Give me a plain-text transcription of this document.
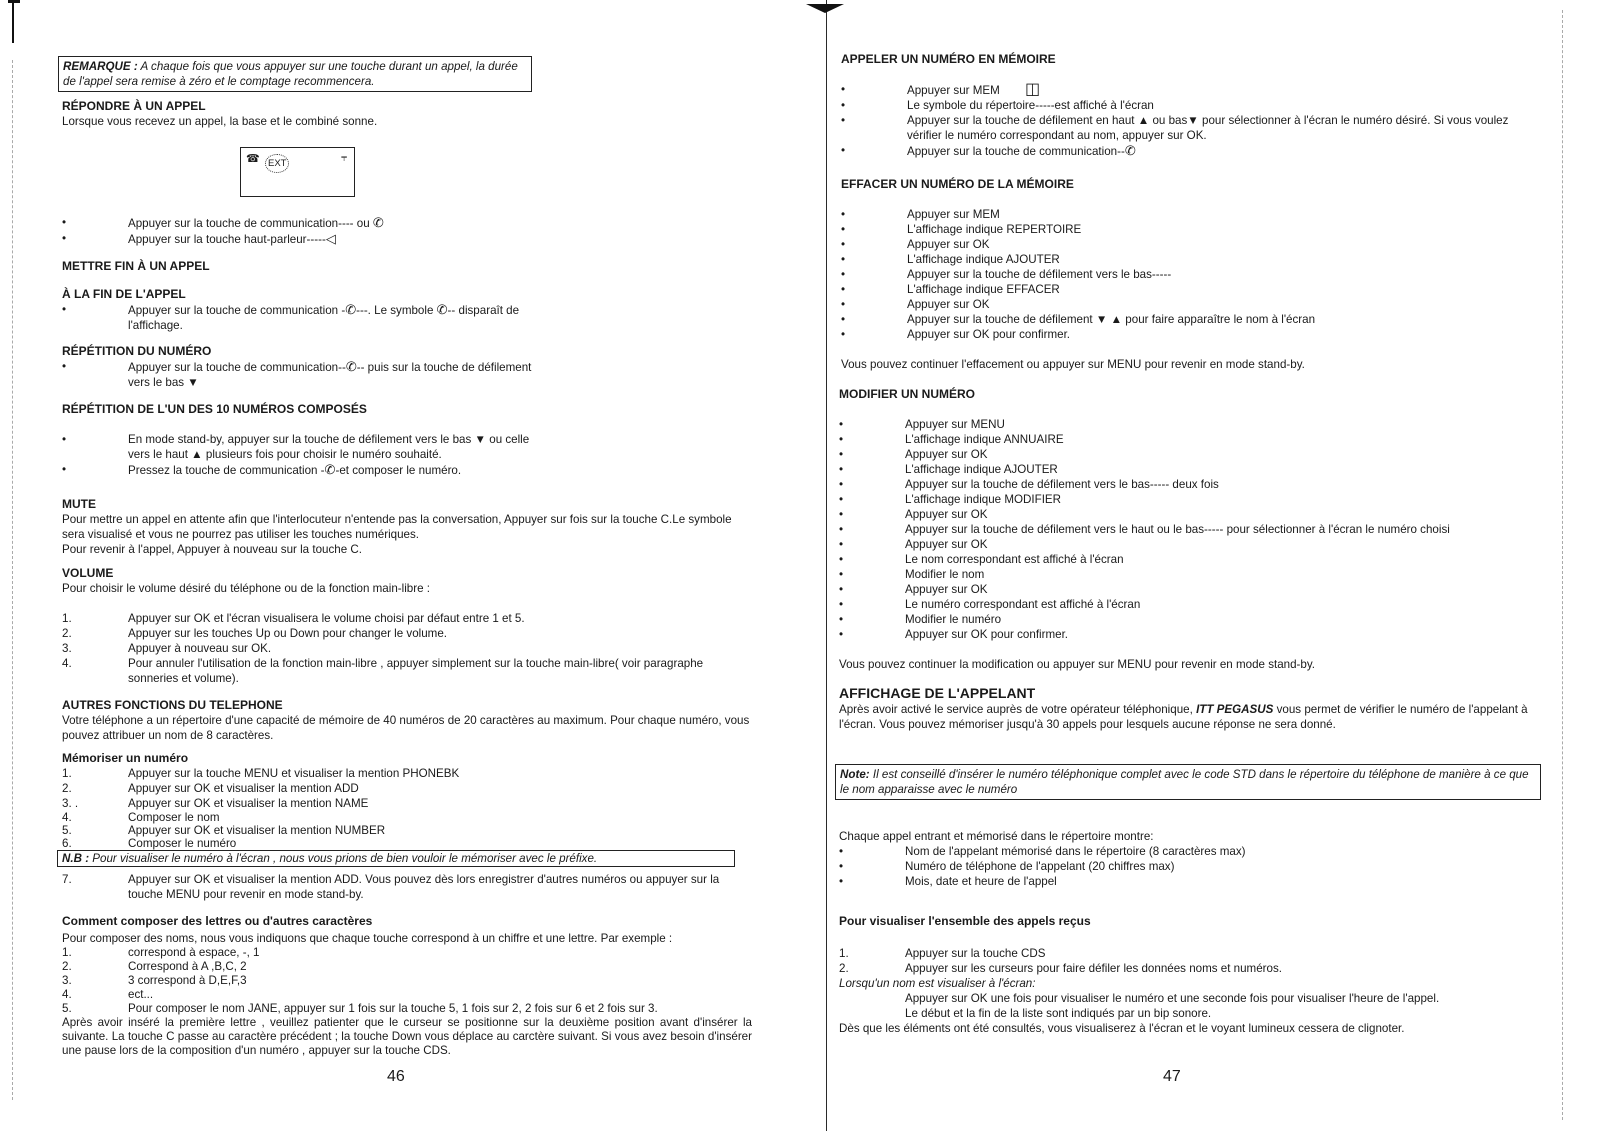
REMARQUE : A chaque fois que vous appuyer sur une touche durant un appel, la durée de l'appel sera remise à zéro et le comptage recommencera.
RÉPONDRE À UN APPEL
Lorsque vous recevez un appel, la base et le combiné sonne.
☎ EXT	⫧
•	Appuyer sur la touche de communication---- ou ✆
•	Appuyer sur la touche haut-parleur-----◁
METTRE FIN À UN APPEL
À LA FIN DE L'APPEL
•	Appuyer sur la touche de communication -✆---. Le symbole ✆-- disparaît de
l'affichage.
RÉPÉTITION DU NUMÉRO
•	Appuyer sur la touche de communication--✆-- puis sur la touche de défilement
vers le bas ▼
RÉPÉTITION DE L'UN DES 10 NUMÉROS COMPOSÉS
•	En mode stand-by, appuyer sur la touche de défilement vers le bas ▼ ou celle
vers le haut ▲ plusieurs fois pour choisir le numéro souhaité.
•	Pressez la touche de communication -✆-et composer le numéro.
MUTE
Pour mettre un appel en attente afin que l'interlocuteur n'entende pas la conversation, Appuyer sur fois sur la touche C.Le symbole sera visualisé et vous ne pourrez pas utiliser les touches numériques.
Pour revenir à l'appel, Appuyer à nouveau sur la touche C.
VOLUME
Pour choisir le volume désiré du téléphone ou de la fonction main-libre :
1.	Appuyer sur OK et l'écran visualisera le volume choisi par défaut entre 1 et 5.
2.	Appuyer sur les touches Up ou Down pour changer le volume.
3.	Appuyer à nouveau sur OK.
4.	Pour annuler l'utilisation de la fonction main-libre , appuyer simplement sur la touche main-libre( voir paragraphe sonneries et volume).
AUTRES FONCTIONS DU TELEPHONE
Votre téléphone a un répertoire d'une capacité de mémoire de 40 numéros de 20 caractères au maximum. Pour chaque numéro, vous pouvez attribuer un nom de 8 caractères.
Mémoriser un numéro
1.	Appuyer sur la touche MENU et visualiser la mention PHONEBK
2.	Appuyer sur OK et visualiser la mention ADD
3. .	Appuyer sur OK et visualiser la mention NAME
4.	Composer le nom
5.	Appuyer sur OK et visualiser la mention NUMBER
6.	Composer le numéro
N.B : Pour visualiser le numéro à l'écran , nous vous prions de bien vouloir le mémoriser avec le préfixe.
7.	Appuyer sur OK et visualiser la mention ADD. Vous pouvez dès lors enregistrer d'autres numéros ou appuyer sur la touche MENU pour revenir en mode stand-by.
Comment composer des lettres ou d'autres caractères
Pour composer des noms, nous vous indiquons que chaque touche correspond à un chiffre et une lettre. Par exemple :
1.	correspond à espace, -, 1
2.	Correspond à A ,B,C, 2
3.	3 correspond à D,E,F,3
4.	ect...
5.	Pour composer le nom JANE, appuyer sur 1 fois sur la touche 5, 1 fois sur 2, 2 fois sur 6 et 2 fois sur 3.
Après avoir inséré la première lettre , veuillez patienter que le curseur se positionne sur la deuxième position avant d'insérer la suivante. La touche C passe au caractère précédent ; la touche Down vous déplace au carctère suivant. Si vous avez besoin d'insérer une pause lors de la composition d'un numéro , appuyer sur la touche CDS.
46
APPELER UN NUMÉRO EN MÉMOIRE
•	Appuyer sur MEM ◫
•	Le symbole du répertoire-----est affiché à l'écran
•	Appuyer sur la touche de défilement en haut ▲ ou bas▼ pour sélectionner à l'écran le numéro désiré. Si vous voulez vérifier le numéro correspondant au nom, appuyer sur OK.
•	Appuyer sur la touche de communication--✆
EFFACER UN NUMÉRO DE LA MÉMOIRE
•	Appuyer sur MEM
•	L'affichage indique REPERTOIRE
•	Appuyer sur OK
•	L'affichage indique AJOUTER
•	Appuyer sur la touche de défilement vers le bas-----
•	L'affichage indique EFFACER
•	Appuyer sur OK
•	Appuyer sur la touche de défilement ▼ ▲ pour faire apparaître le nom à l'écran
•	Appuyer sur OK pour confirmer.
Vous pouvez continuer l'effacement ou appuyer sur MENU pour revenir en mode stand-by.
MODIFIER UN NUMÉRO
•	Appuyer sur MENU
•	L'affichage indique ANNUAIRE
•	Appuyer sur OK
•	L'affichage indique AJOUTER
•	Appuyer sur la touche de défilement vers le bas----- deux fois
•	L'affichage indique MODIFIER
•	Appuyer sur OK
•	Appuyer sur la touche de défilement vers le haut ou le bas----- pour sélectionner à l'écran le numéro choisi
•	Appuyer sur OK
•	Le nom correspondant est affiché à l'écran
•	Modifier le nom
•	Appuyer sur OK
•	Le numéro correspondant est affiché à l'écran
•	Modifier le numéro
•	Appuyer sur OK pour confirmer.
Vous pouvez continuer la modification ou appuyer sur MENU pour revenir en mode stand-by.
AFFICHAGE DE L'APPELANT
Après avoir activé le service auprès de votre opérateur téléphonique, ITT PEGASUS vous permet de vérifier le numéro de l'appelant à l'écran. Vous pouvez mémoriser jusqu'à 30 appels pour lesquels aucune réponse ne sera donné.
Note: Il est conseillé d'insérer le numéro téléphonique complet avec le code STD dans le répertoire du téléphone de manière à ce que le nom apparaisse avec le numéro
Chaque appel entrant et mémorisé dans le répertoire montre:
•	Nom de l'appelant mémorisé dans le répertoire (8 caractères max)
•	Numéro de téléphone de l'appelant (20 chiffres max)
•	Mois, date et heure de l'appel
Pour visualiser l'ensemble des appels reçus
1.	Appuyer sur la touche CDS
2.	Appuyer sur les curseurs pour faire défiler les données noms et numéros.
Lorsqu'un nom est visualiser à l'écran:
Appuyer sur OK une fois pour visualiser le numéro et une seconde fois pour visualiser l'heure de l'appel.
Le début et la fin de la liste sont indiqués par un bip sonore.
Dès que les éléments ont été consultés, vous visualiserez à l'écran et le voyant lumineux cessera de clignoter.
47
